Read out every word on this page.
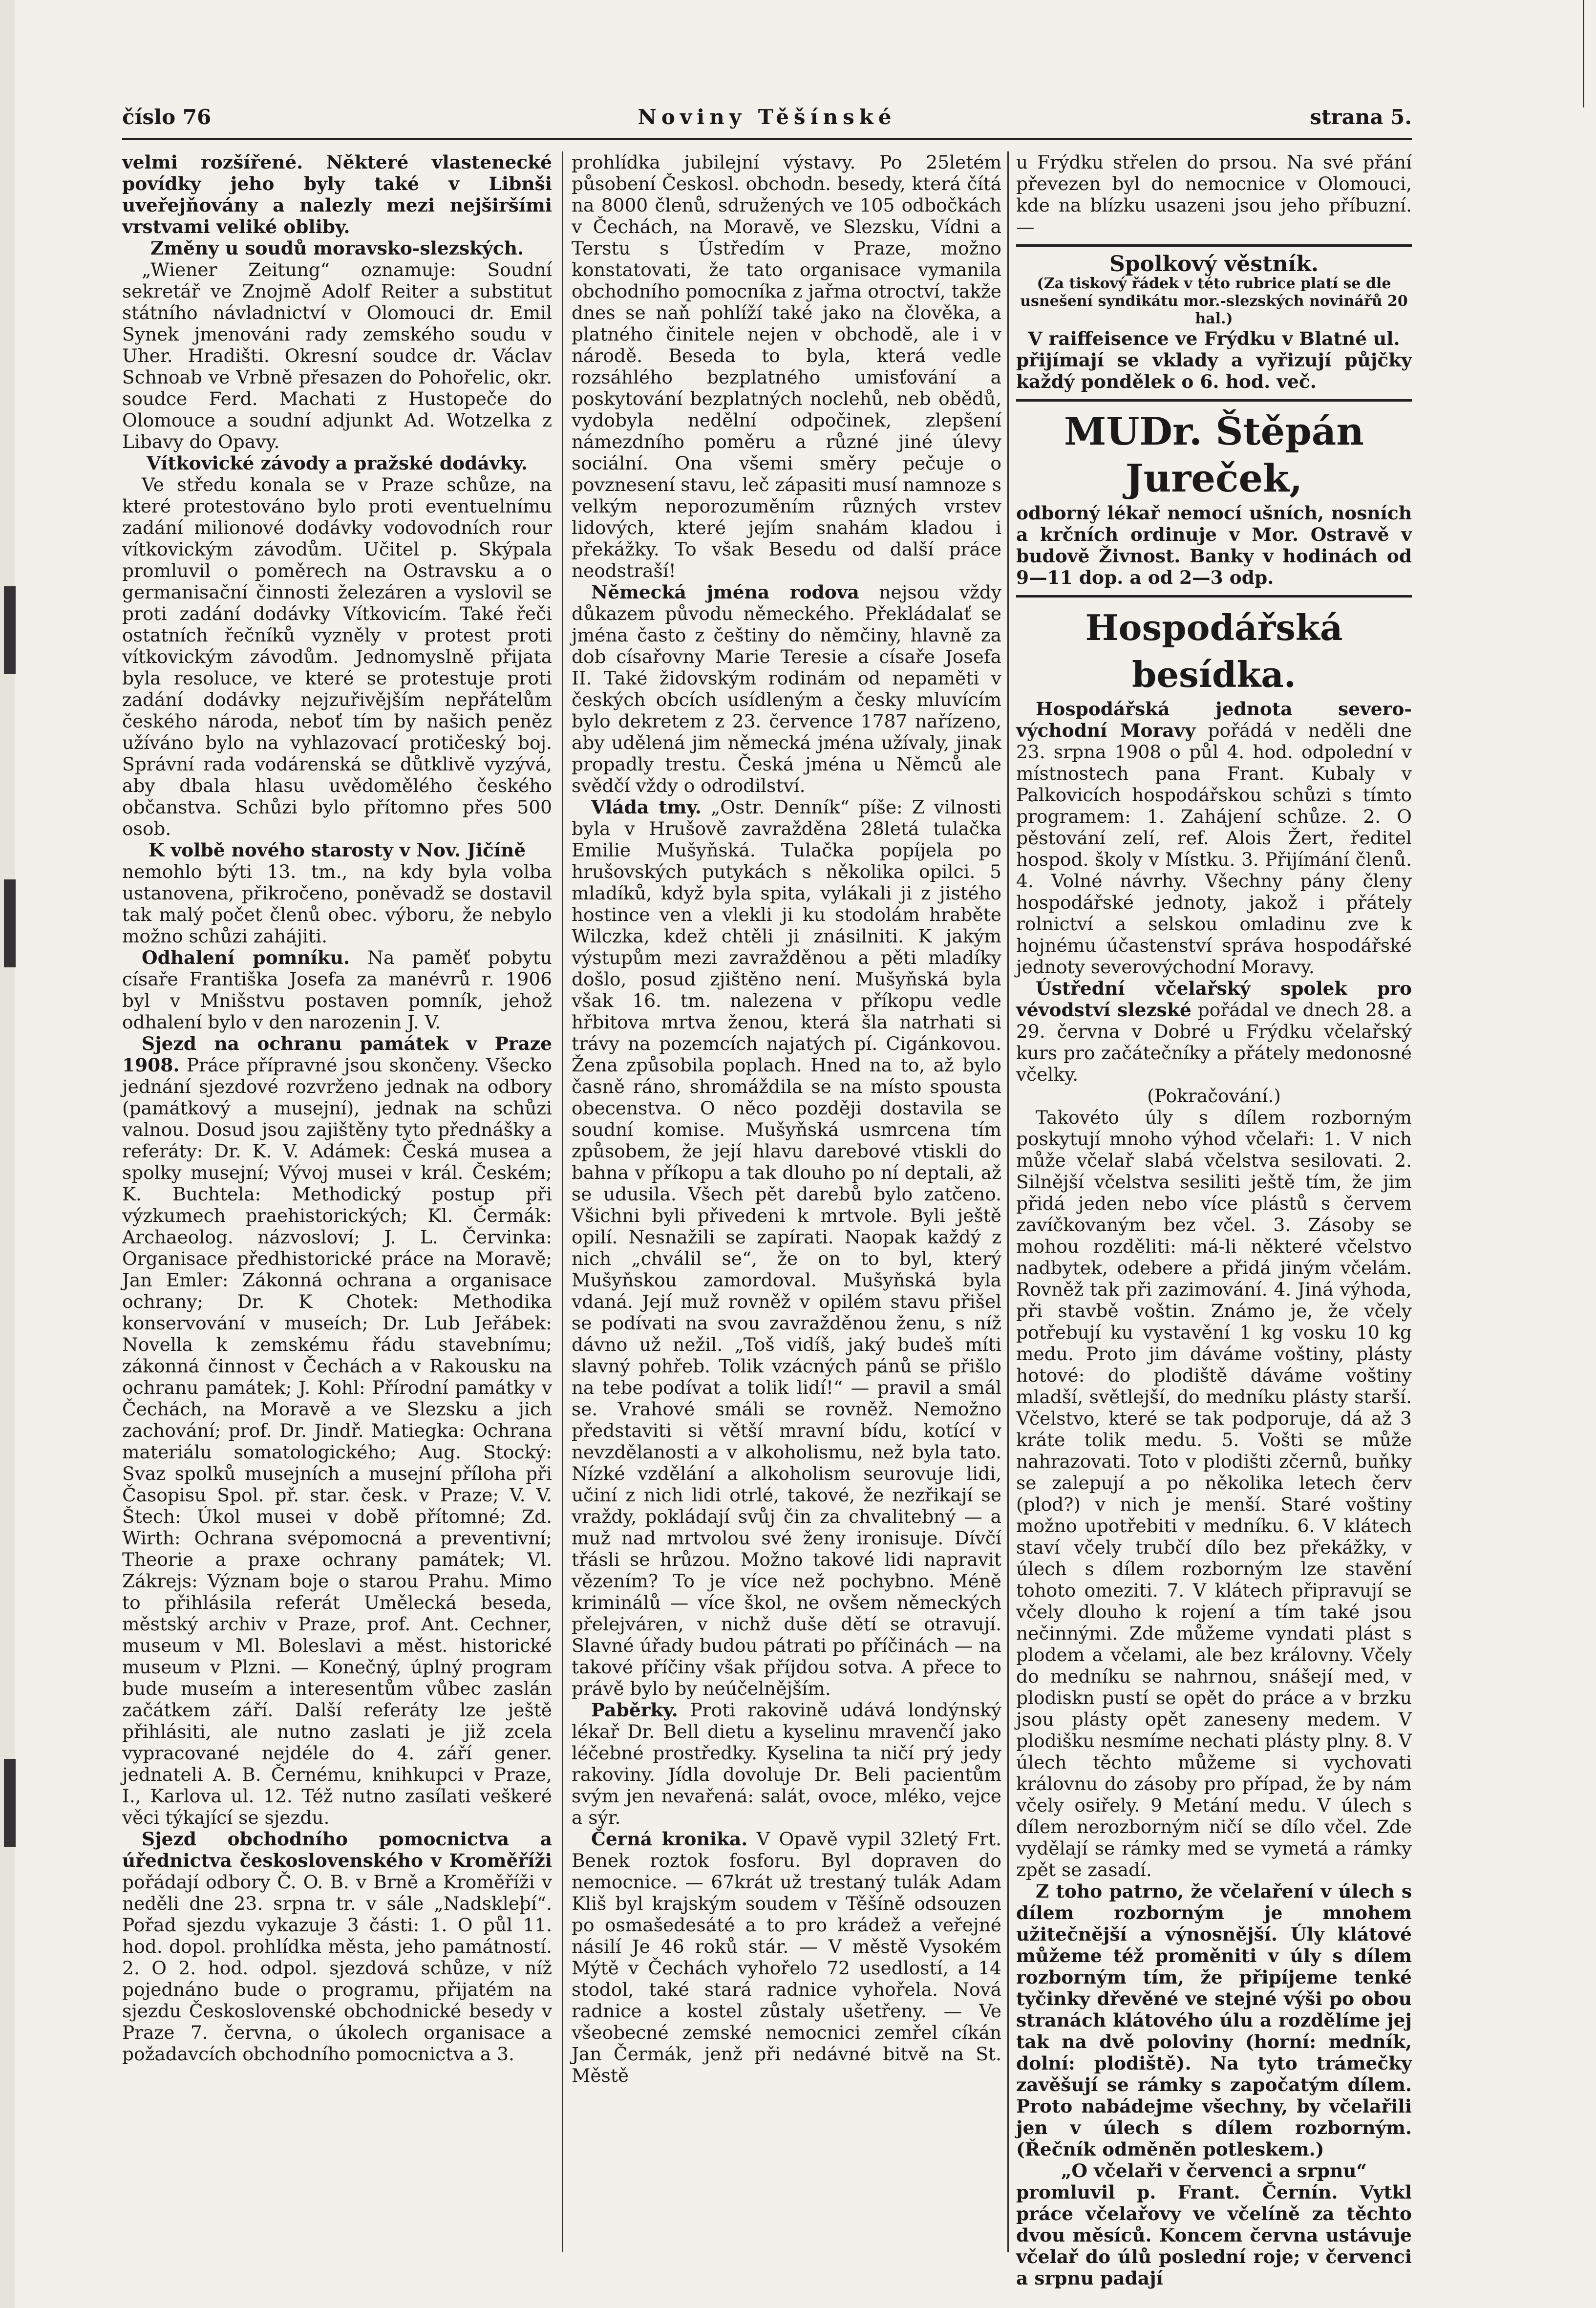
číslo 76	Noviny Těšínské	strana 5.

velmi rozšířené. Některé vlastenecké povídky jeho byly také v Libnši uveřejňovány a nalezly mezi nejširšími vrstvami veliké obliby.

Změny u soudů moravsko-slezských.

„Wiener Zeitung“ oznamuje: Soudní sekretář ve Znojmě Adolf Reiter a substitut státního návladnictví v Olomouci dr. Emil Synek jmenováni rady zemského soudu v Uher. Hradišti. Okresní soudce dr. Václav Schnoab ve Vrbně přesazen do Pohořelic, okr. soudce Ferd. Machati z Hustopeče do Olomouce a soudní adjunkt Ad. Wotzelka z Libavy do Opavy.

Vítkovické závody a pražské dodávky.

Ve středu konala se v Praze schůze, na které protestováno bylo proti eventuelnímu zadání milionové dodávky vodovodních rour vítkovickým závodům. Učitel p. Skýpala promluvil o poměrech na Ostravsku a o germanisační činnosti železáren a vyslovil se proti zadání dodávky Vítkovicím. Také řeči ostatních řečníků vyzněly v protest proti vítkovickým závodům. Jednomyslně přijata byla resoluce, ve které se protestuje proti zadání dodávky nejzuřivějším nepřátelům českého národa, neboť tím by našich peněz užíváno bylo na vyhlazovací protičeský boj. Správní rada vodárenská se důtklivě vyzývá, aby dbala hlasu uvědomělého českého občanstva. Schůzi bylo přítomno přes 500 osob.

K volbě nového starosty v Nov. Jičíně

nemohlo býti 13. tm., na kdy byla volba ustanovena, přikročeno, poněvadž se dostavil tak malý počet členů obec. výboru, že nebylo možno schůzi zahájiti.

Odhalení pomníku. Na paměť pobytu císaře Františka Josefa za manévrů r. 1906 byl v Mnišstvu postaven pomník, jehož odhalení bylo v den narozenin J. V.

Sjezd na ochranu památek v Praze 1908. Práce přípravné jsou skončeny. Všecko jednání sjezdové rozvrženo jednak na odbory (památkový a musejní), jednak na schůzi valnou. Dosud jsou zajištěny tyto přednášky a referáty: Dr. K. V. Adámek: Česká musea a spolky musejní; Vývoj musei v král. Českém; K. Buchtela: Methodický postup při výzkumech praehistorických; Kl. Čermák: Archaeolog. názvosloví; J. L. Červinka: Organisace předhistorické práce na Moravě; Jan Emler: Zákonná ochrana a organisace ochrany; Dr. K Chotek: Methodika konservování v museích; Dr. Lub Jeřábek: Novella k zemskému řádu stavebnímu; zákonná činnost v Čechách a v Rakousku na ochranu památek; J. Kohl: Přírodní památky v Čechách, na Moravě a ve Slezsku a jich zachování; prof. Dr. Jindř. Matiegka: Ochrana materiálu somatologického; Aug. Stocký: Svaz spolků musejních a musejní příloha při Časopisu Spol. př. star. česk. v Praze; V. V. Štech: Úkol musei v době přítomné; Zd. Wirth: Ochrana svépomocná a preventivní; Theorie a praxe ochrany památek; Vl. Zákrejs: Význam boje o starou Prahu. Mimo to přihlásila referát Umělecká beseda, městský archiv v Praze, prof. Ant. Cechner, museum v Ml. Boleslavi a měst. historické museum v Plzni. — Konečný, úplný program bude museím a interesentům vůbec zaslán začátkem září. Další referáty lze ještě přihlásiti, ale nutno zaslati je již zcela vypracované nejdéle do 4. září gener. jednateli A. B. Černému, knihkupci v Praze, I., Karlova ul. 12. Též nutno zasílati veškeré věci týkající se sjezdu.

Sjezd obchodního pomocnictva a úřednictva československého v Kroměříži pořádají odbory Č. O. B. v Brně a Kroměříži v neděli dne 23. srpna tr. v sále „Nadskleþí“. Pořad sjezdu vykazuje 3 části: 1. O půl 11. hod. dopol. prohlídka města, jeho památností. 2. O 2. hod. odpol. sjezdová schůze, v níž pojednáno bude o programu, přijatém na sjezdu Československé obchodnické besedy v Praze 7. června, o úkolech organisace a požadavcích obchodního pomocnictva a 3.

prohlídka jubilejní výstavy. Po 25letém působení Českosl. obchodn. besedy, která čítá na 8000 členů, sdružených ve 105 odbočkách v Čechách, na Moravě, ve Slezsku, Vídni a Terstu s Ústředím v Praze, možno konstatovati, že tato organisace vymanila obchodního pomocníka z jařma otroctví, takže dnes se naň pohlíží také jako na člověka, a platného činitele nejen v obchodě, ale i v národě. Beseda to byla, která vedle rozsáhlého bezplatného umisťování a poskytování bezplatných noclehů, neb obědů, vydobyla nedělní odpočinek, zlepšení námezdního poměru a různé jiné úlevy sociální. Ona všemi směry pečuje o povznesení stavu, leč zápasiti musí namnoze s velkým neporozuměním různých vrstev lidových, které jejím snahám kladou i překážky. To však Besedu od další práce neodstraší!

Německá jména rodova nejsou vždy důkazem původu německého. Překládalať se jména často z češtiny do němčiny, hlavně za dob císařovny Marie Teresie a císaře Josefa II. Také židovským rodinám od nepaměti v českých obcích usídleným a česky mluvícím bylo dekretem z 23. července 1787 nařízeno, aby udělená jim německá jména užívaly, jinak propadly trestu. Česká jména u Němců ale svědčí vždy o odrodilství.

Vláda tmy. „Ostr. Denník“ píše: Z vilnosti byla v Hrušově zavražděna 28letá tulačka Emilie Mušyňská. Tulačka popíjela po hrušovských putykách s několika opilci. 5 mladíků, když byla spita, vylákali ji z jistého hostince ven a vlekli ji ku stodolám hraběte Wilczka, kdež chtěli ji znásilniti. K jakým výstupům mezi zavražděnou a pěti mladíky došlo, posud zjištěno není. Mušyňská byla však 16. tm. nalezena v příkopu vedle hřbitova mrtva ženou, která šla natrhati si trávy na pozemcích najatých pí. Cigánkovou. Žena způsobila poplach. Hned na to, až bylo časně ráno, shromáždila se na místo spousta obecenstva. O něco později dostavila se soudní komise. Mušyňská usmrcena tím způsobem, že její hlavu darebové vtiskli do bahna v příkopu a tak dlouho po ní deptali, až se udusila. Všech pět darebů bylo zatčeno. Všichni byli přivedeni k mrtvole. Byli ještě opilí. Nesnažili se zapírati. Naopak každý z nich „chválil se“, že on to byl, který Mušyňskou zamordoval. Mušyňská byla vdaná. Její muž rovněž v opilém stavu přišel se podívati na svou zavražděnou ženu, s níž dávno už nežil. „Toš vidíš, jaký budeš míti slavný pohřeb. Tolik vzácných pánů se přišlo na tebe podívat a tolik lidí!“ — pravil a smál se. Vrahové smáli se rovněž. Nemožno představiti si větší mravní bídu, kotící v nevzdělanosti a v alkoholismu, než byla tato. Nízké vzdělání a alkoholism seurovuje lidi, učiní z nich lidi otrlé, takové, že nezřikají se vraždy, pokládají svůj čin za chvalitebný — a muž nad mrtvolou své ženy ironisuje. Dívčí třásli se hrůzou. Možno takové lidi napravit vězením? To je více než pochybno. Méně kriminálů — více škol, ne ovšem německých přelejváren, v nichž duše dětí se otravují. Slavné úřady budou pátrati po příčinách — na takové příčiny však příjdou sotva. A přece to právě bylo by neúčelnějším.

Paběrky. Proti rakovině udává londýnský lékař Dr. Bell dietu a kyselinu mravenčí jako léčebné prostředky. Kyselina ta ničí prý jedy rakoviny. Jídla dovoluje Dr. Beli pacientům svým jen nevařená: salát, ovoce, mléko, vejce a sýr.

Černá kronika. V Opavě vypil 32letý Frt. Benek roztok fosforu. Byl dopraven do nemocnice. — 67krát už trestaný tulák Adam Kliš byl krajským soudem v Těšíně odsouzen po osmašedesáté a to pro krádež a veřejné násilí Je 46 roků stár. — V městě Vysokém Mýtě v Čechách vyhořelo 72 usedlostí, a 14 stodol, také stará radnice vyhořela. Nová radnice a kostel zůstaly ušetřeny. — Ve všeobecné zemské nemocnici zemřel cíkán Jan Čermák, jenž při nedávné bitvě na St. Městě

u Frýdku střelen do prsou. Na své přání převezen byl do nemocnice v Olomouci, kde na blízku usazeni jsou jeho příbuzní. —

Spolkový věstník.
(Za tiskový řádek v této rubrice platí se dle usnešení syndikátu mor.-slezských novinářů 20 hal.)

V raiffeisence ve Frýdku v Blatné ul.

přijímají se vklady a vyřizují půjčky každý pondělek o 6. hod. več.

MUDr. Štěpán Jureček,

odborný lékař nemocí ušních, nosních a krčních ordinuje v Mor. Ostravě v budově Živnost. Banky v hodinách od 9—11 dop. a od 2—3 odp.

Hospodářská besídka.

Hospodářská jednota severo-východní Moravy pořádá v neděli dne 23. srpna 1908 o půl 4. hod. odpolední v místnostech pana Frant. Kubaly v Palkovicích hospodářskou schůzi s tímto programem: 1. Zahájení schůze. 2. O pěstování zelí, ref. Alois Žert, ředitel hospod. školy v Místku. 3. Přijímání členů. 4. Volné návrhy. Všechny pány členy hospodářské jednoty, jakož i přátely rolnictví a selskou omladinu zve k hojnému účastenství správa hospodářské jednoty severovýchodní Moravy.

Ústřední včelařský spolek pro vévodství slezské pořádal ve dnech 28. a 29. června v Dobré u Frýdku včelařský kurs pro začátečníky a přátely medonosné včelky.

(Pokračování.)

Takovéto úly s dílem rozborným poskytují mnoho výhod včelaři: 1. V nich může včelař slabá včelstva sesilovati. 2. Silnější včelstva sesiliti ještě tím, že jim přidá jeden nebo více plástů s červem zavíčkovaným bez včel. 3. Zásoby se mohou rozděliti: má-li některé včelstvo nadbytek, odebere a přidá jiným včelám. Rovněž tak při zazimování. 4. Jiná výhoda, při stavbě voštin. Známo je, že včely potřebují ku vystavění 1 kg vosku 10 kg medu. Proto jim dáváme voštiny, plásty hotové: do plodiště dáváme voštiny mladší, světlejší, do medníku plásty starší. Včelstvo, které se tak podporuje, dá až 3 kráte tolik medu. 5. Vošti se může nahrazovati. Toto v plodišti zčernů, buňky se zalepují a po několika letech červ (plod?) v nich je menší. Staré voštiny možno upotřebiti v medníku. 6. V klátech staví včely trubčí dílo bez překážky, v úlech s dílem rozborným lze stavění tohoto omeziti. 7. V klátech připravují se včely dlouho k rojení a tím také jsou nečinnými. Zde můžeme vyndati plást s plodem a včelami, ale bez královny. Včely do medníku se nahrnou, snášejí med, v plodiskn pustí se opět do práce a v brzku jsou plásty opět zaneseny medem. V plodišku nesmíme nechati plásty plny. 8. V úlech těchto můžeme si vychovati královnu do zásoby pro případ, že by nám včely osiřely. 9 Metání medu. V úlech s dílem nerozborným ničí se dílo včel. Zde vydělají se rámky med se vymetá a rámky zpět se zasadí.

Z toho patrno, že včelaření v úlech s dílem rozborným je mnohem užitečnější a výnosnější. Úly klátové můžeme též proměniti v úly s dílem rozborným tím, že připíjeme tenké tyčinky dřevěné ve stejné výši po obou stranách klátového úlu a rozdělíme jej tak na dvě poloviny (horní: medník, dolní: plodiště). Na tyto trámečky zavěšují se rámky s započatým dílem. Proto nabádejme všechny, by včelařili jen v úlech s dílem rozborným. (Řečník odměněn potleskem.)

„O včelaři v červenci a srpnu“

promluvil p. Frant. Černín. Vytkl práce včelařovy ve včelíně za těchto dvou měsíců. Koncem června ustávuje včelař do úlů poslední roje; v červenci a srpnu padají
